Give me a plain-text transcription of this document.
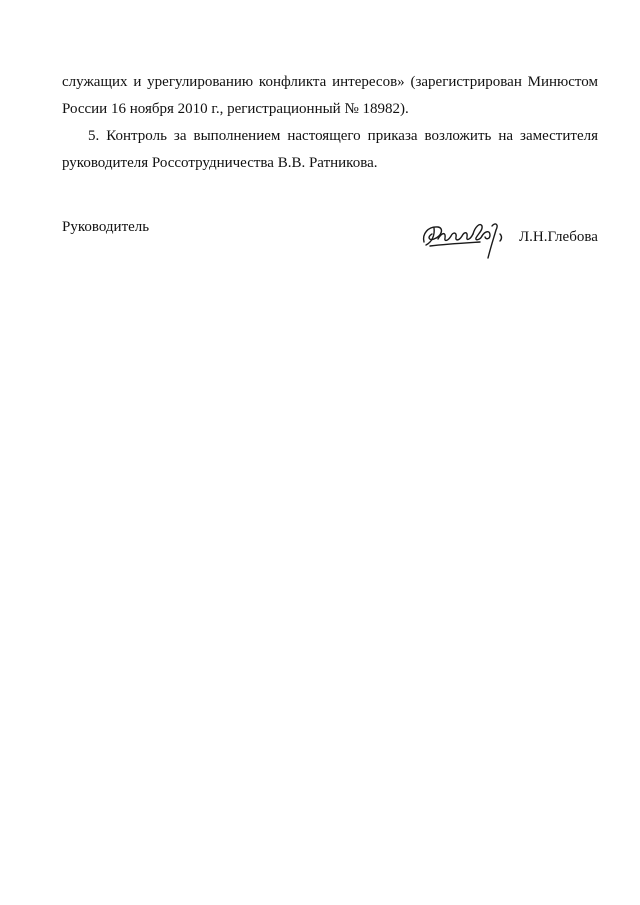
служащих и урегулированию конфликта интересов» (зарегистрирован Минюстом
России 16 ноября 2010 г., регистрационный № 18982).

5. Контроль за выполнением настоящего приказа возложить на заместителя
руководителя Россотрудничества В.В. Ратникова.

Руководитель

Л.Н.Глебова
